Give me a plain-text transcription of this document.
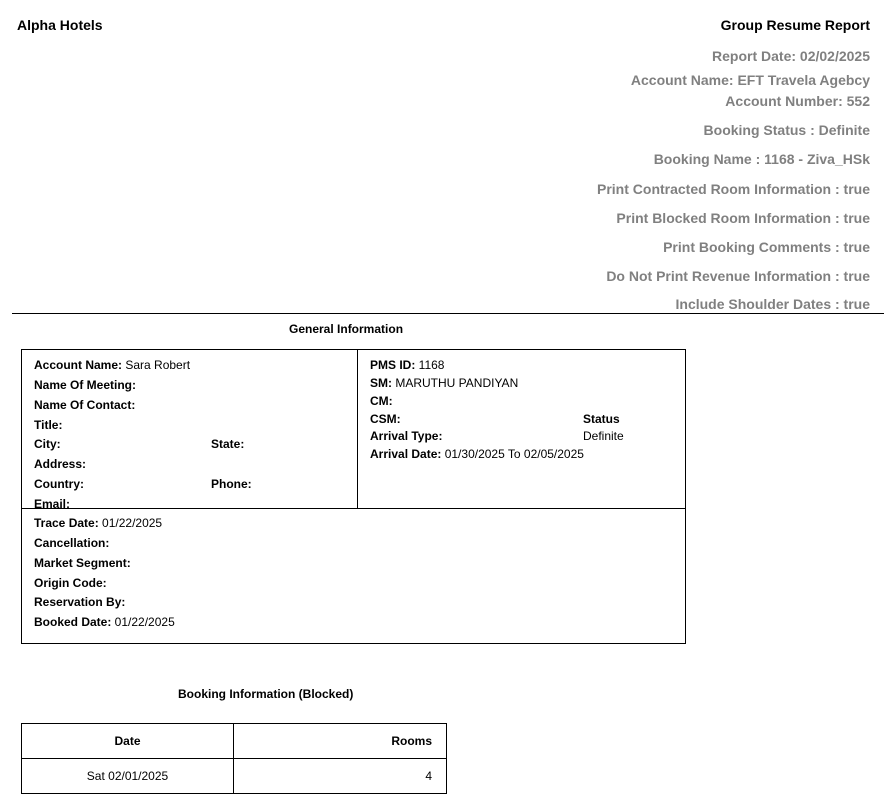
Alpha Hotels	Group Resume Report
Report Date: 02/02/2025
Account Name: EFT Travela Agebcy
Account Number: 552
Booking Status : Definite
Booking Name : 1168 - Ziva_HSk
Print Contracted Room Information : true
Print Blocked Room Information : true
Print Booking Comments : true
Do Not Print Revenue Information : true
Include Shoulder Dates : true
General Information
Account Name: Sara Robert
Name Of Meeting:
Name Of Contact:
Title:
City:	State:
Address:
Country:	Phone:
Email:
PMS ID: 1168
SM: MARUTHU PANDIYAN
CM:
CSM:	Status
Arrival Type:	Definite
Arrival Date: 01/30/2025 To 02/05/2025
Trace Date: 01/22/2025
Cancellation:
Market Segment:
Origin Code:
Reservation By:
Booked Date: 01/22/2025
Booking Information (Blocked)
Date	Rooms
Sat 02/01/2025	4
